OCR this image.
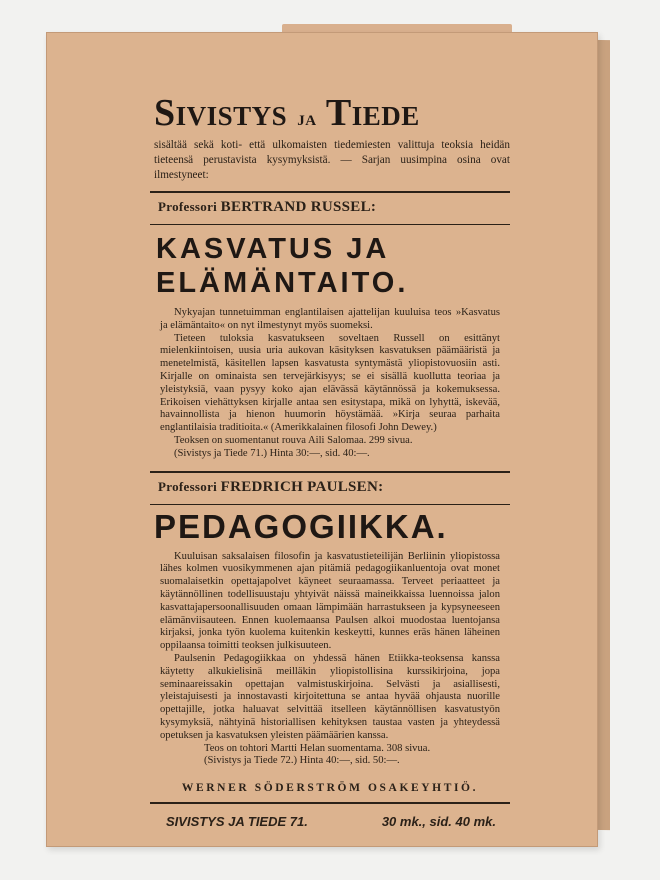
Sivistys ja Tiede

sisältää sekä koti- että ulkomaisten tiedemiesten valittuja teoksia heidän tieteensä perustavista kysymyksistä. — Sarjan uusimpina osina ovat ilmestyneet:

Professori BERTRAND RUSSEL:
KASVATUS JA
ELÄMÄNTAITO.

Nykyajan tunnetuimman englantilaisen ajattelijan kuuluisa teos »Kasvatus ja elämäntaito« on nyt ilmestynyt myös suomeksi.

Tieteen tuloksia kasvatukseen soveltaen Russell on esittänyt mielenkiintoisen, uusia uria aukovan käsityksen kasvatuksen päämääristä ja menetelmistä, käsitellen lapsen kasvatusta syntymästä yliopistovuosiin asti. Kirjalle on ominaista sen tervejärkisyys; se ei sisällä kuollutta teoriaa ja yleistyksiä, vaan pysyy koko ajan elävässä käytännössä ja kokemuksessa. Erikoisen viehättyksen kirjalle antaa sen esitystapa, mikä on lyhyttä, iskevää, havainnollista ja hienon huumorin höystämää. »Kirja seuraa parhaita englantilaisia traditioita.« (Amerikkalainen filosofi John Dewey.)

Teoksen on suomentanut rouva Aili Salomaa. 299 sivua.
(Sivistys ja Tiede 71.) Hinta 30:—, sid. 40:—.
Professori FREDRICH PAULSEN:
PEDAGOGIIKKA.

Kuuluisan saksalaisen filosofin ja kasvatustieteilijän Berliinin yliopistossa lähes kolmen vuosikymmenen ajan pitämiä pedagogiikanluentoja ovat monet suomalaisetkin opettajapolvet käyneet seuraamassa. Terveet periaatteet ja käytännöllinen todellisuustaju yhtyivät näissä maineikkaissa luennoissa jalon kasvattajapersoonallisuuden omaan lämpimään harrastukseen ja kypsyneeseen elämänviisauteen. Ennen kuolemaansa Paulsen alkoi muodostaa luentojansa kirjaksi, jonka työn kuolema kuitenkin keskeytti, kunnes eräs hänen läheinen oppilaansa toimitti teoksen julkisuuteen.

Paulsenin Pedagogiikkaa on yhdessä hänen Etiikka-teoksensa kanssa käytetty alkukielisinä meilläkin yliopistollisina kurssikirjoina, jopa seminaareissakin opettajan valmistuskirjoina. Selvästi ja asiallisesti, yleistajuisesti ja innostavasti kirjoitettuna se antaa hyvää ohjausta nuorille opettajille, jotka haluavat selvittää itselleen käytännöllisen kasvatustyön kysymyksiä, nähtyinä historiallisen kehityksen taustaa vasten ja yhteydessä opetuksen ja kasvatuksen yleisten päämäärien kanssa.

Teos on tohtori Martti Helan suomentama. 308 sivua.
(Sivistys ja Tiede 72.) Hinta 40:—, sid. 50:—.
WERNER SÖDERSTRÖM OSAKEYHTIÖ.
SIVISTYS JA TIEDE 71.	30 mk., sid. 40 mk.
